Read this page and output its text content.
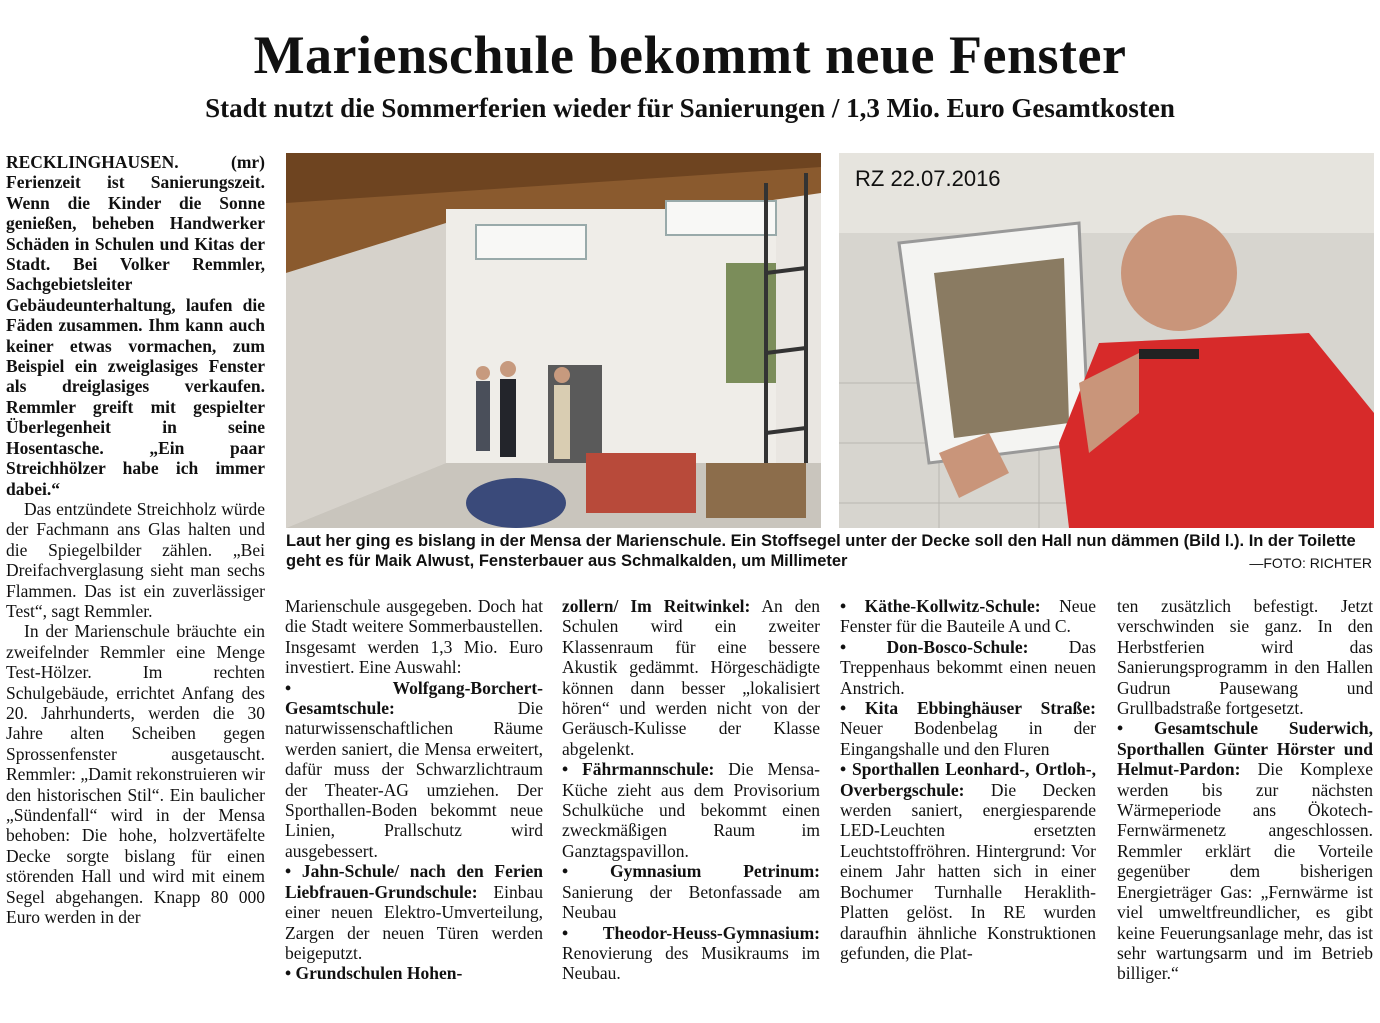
Marienschule bekommt neue Fenster
Stadt nutzt die Sommerferien wieder für Sanierungen / 1,3 Mio. Euro Gesamtkosten

RECKLINGHAUSEN. (mr) Ferienzeit ist Sanierungszeit. Wenn die Kinder die Sonne genießen, beheben Handwerker Schäden in Schulen und Kitas der Stadt. Bei Volker Remmler, Sachgebietsleiter Gebäudeunterhaltung, laufen die Fäden zusammen. Ihm kann auch keiner etwas vormachen, zum Beispiel ein zweiglasiges Fenster als dreiglasiges verkaufen. Remmler greift mit gespielter Überlegenheit in seine Hosentasche. „Ein paar Streichhölzer habe ich immer dabei.“

Das entzündete Streichholz würde der Fachmann ans Glas halten und die Spiegelbilder zählen. „Bei Dreifachverglasung sieht man sechs Flammen. Das ist ein zuverlässiger Test“, sagt Remmler.

In der Marienschule bräuchte ein zweifelnder Remmler eine Menge Test-Hölzer. Im rechten Schulgebäude, errichtet Anfang des 20. Jahrhunderts, werden die 30 Jahre alten Scheiben gegen Sprossenfenster ausgetauscht. Remmler: „Damit rekonstruieren wir den historischen Stil“. Ein baulicher „Sündenfall“ wird in der Mensa behoben: Die hohe, holzvertäfelte Decke sorgte bislang für einen störenden Hall und wird mit einem Segel abgehangen. Knapp 80 000 Euro werden in der

RZ 22.07.2016
Laut her ging es bislang in der Mensa der Marienschule. Ein Stoffsegel unter der Decke soll den Hall nun dämmen (Bild l.). In der Toilette geht es für Maik Alwust, Fensterbauer aus Schmalkalden, um Millimeter	—FOTO: RICHTER

Marienschule ausgegeben. Doch hat die Stadt weitere Sommerbaustellen. Insgesamt werden 1,3 Mio. Euro investiert. Eine Auswahl:

• Wolfgang-Borchert-Gesamtschule:	Die naturwissenschaftlichen Räume werden saniert, die Mensa erweitert, dafür muss der Schwarzlichtraum der Theater-AG umziehen. Der Sporthallen-Boden bekommt neue Linien, Prallschutz wird ausgebessert.

• Jahn-Schule/ nach den Ferien Liebfrauen-Grundschule: Einbau einer neuen Elektro-Umverteilung, Zargen der neuen Türen werden beigeputzt.

• Grundschulen Hohen-

zollern/ Im Reitwinkel: An den Schulen wird ein zweiter Klassenraum für eine bessere Akustik gedämmt. Hörgeschädigte können dann besser „lokalisiert hören“ und werden nicht von der Geräusch-Kulisse der Klasse abgelenkt.

• Fährmannschule: Die Mensa-Küche zieht aus dem Provisorium Schulküche und bekommt einen zweckmäßigen Raum im Ganztagspavillon.

• Gymnasium Petrinum: Sanierung der Betonfassade am Neubau

• Theodor-Heuss-Gymnasium: Renovierung des Musikraums im Neubau.

• Käthe-Kollwitz-Schule: Neue Fenster für die Bauteile A und C.

• Don-Bosco-Schule: Das Treppenhaus bekommt einen neuen Anstrich.

• Kita Ebbinghäuser Straße: Neuer Bodenbelag in der Eingangshalle und den Fluren

• Sporthallen Leonhard-, Ortloh-, Overbergschule: Die Decken werden saniert, energiesparende LED-Leuchten ersetzten Leuchtstoffröhren. Hintergrund: Vor einem Jahr hatten sich in einer Bochumer Turnhalle Heraklith-Platten gelöst. In RE wurden daraufhin ähnliche Konstruktionen gefunden, die Plat-

ten zusätzlich befestigt. Jetzt verschwinden sie ganz. In den Herbstferien wird das Sanierungsprogramm in den Hallen Gudrun Pausewang und Grullbadstraße fortgesetzt.

• Gesamtschule Suderwich, Sporthallen Günter Hörster und Helmut-Pardon: Die Komplexe werden bis zur nächsten Wärmeperiode ans Ökotech-Fernwärmenetz angeschlossen. Remmler erklärt die Vorteile gegenüber dem bisherigen Energieträger Gas: „Fernwärme ist viel umweltfreundlicher, es gibt keine Feuerungsanlage mehr, das ist sehr wartungsarm und im Betrieb billiger.“
